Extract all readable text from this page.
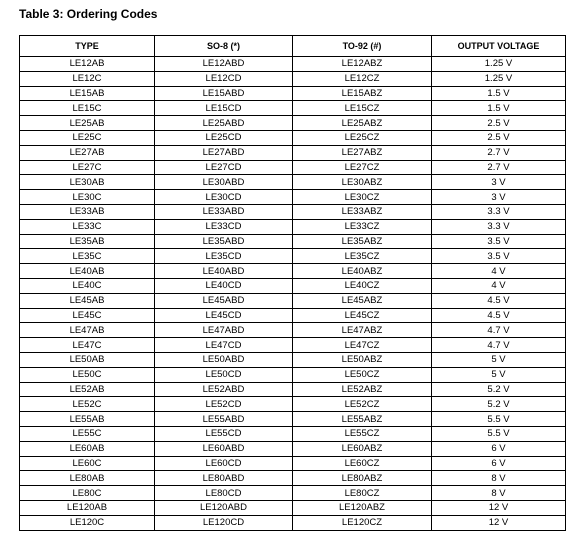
Table 3: Ordering Codes
TYPE	SO-8 (*)	TO-92 (#)	OUTPUT VOLTAGE
LE12AB	LE12ABD	LE12ABZ	1.25 V
LE12C	LE12CD	LE12CZ	1.25 V
LE15AB	LE15ABD	LE15ABZ	1.5 V
LE15C	LE15CD	LE15CZ	1.5 V
LE25AB	LE25ABD	LE25ABZ	2.5 V
LE25C	LE25CD	LE25CZ	2.5 V
LE27AB	LE27ABD	LE27ABZ	2.7 V
LE27C	LE27CD	LE27CZ	2.7 V
LE30AB	LE30ABD	LE30ABZ	3 V
LE30C	LE30CD	LE30CZ	3 V
LE33AB	LE33ABD	LE33ABZ	3.3 V
LE33C	LE33CD	LE33CZ	3.3 V
LE35AB	LE35ABD	LE35ABZ	3.5 V
LE35C	LE35CD	LE35CZ	3.5 V
LE40AB	LE40ABD	LE40ABZ	4 V
LE40C	LE40CD	LE40CZ	4 V
LE45AB	LE45ABD	LE45ABZ	4.5 V
LE45C	LE45CD	LE45CZ	4.5 V
LE47AB	LE47ABD	LE47ABZ	4.7 V
LE47C	LE47CD	LE47CZ	4.7 V
LE50AB	LE50ABD	LE50ABZ	5 V
LE50C	LE50CD	LE50CZ	5 V
LE52AB	LE52ABD	LE52ABZ	5.2 V
LE52C	LE52CD	LE52CZ	5.2 V
LE55AB	LE55ABD	LE55ABZ	5.5 V
LE55C	LE55CD	LE55CZ	5.5 V
LE60AB	LE60ABD	LE60ABZ	6 V
LE60C	LE60CD	LE60CZ	6 V
LE80AB	LE80ABD	LE80ABZ	8 V
LE80C	LE80CD	LE80CZ	8 V
LE120AB	LE120ABD	LE120ABZ	12 V
LE120C	LE120CD	LE120CZ	12 V
